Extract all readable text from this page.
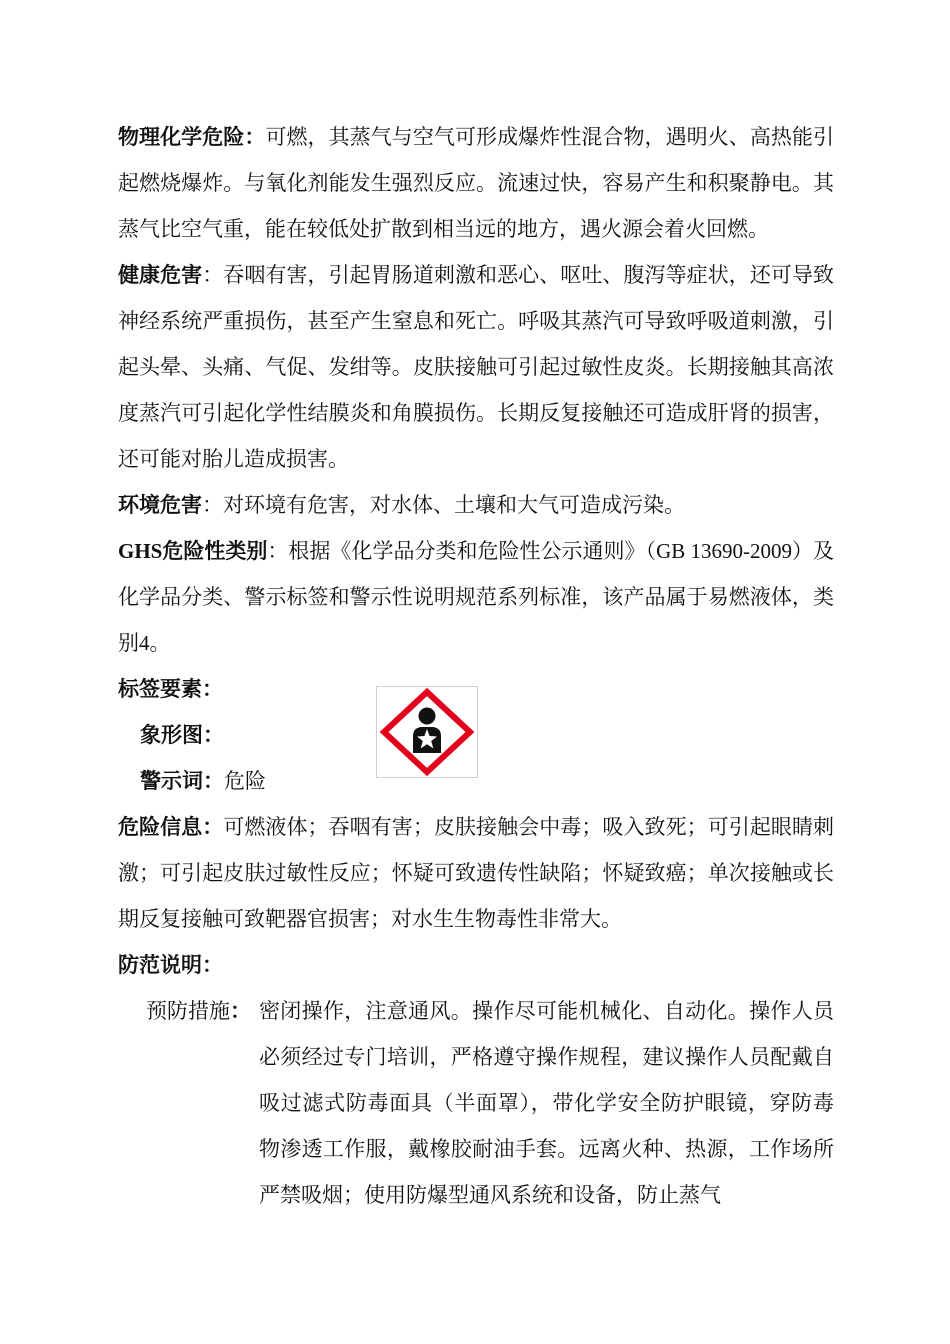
物理化学危险：可燃，其蒸气与空气可形成爆炸性混合物，遇明火、高热能引起燃烧爆炸。与氧化剂能发生强烈反应。流速过快，容易产生和积聚静电。其蒸气比空气重，能在较低处扩散到相当远的地方，遇火源会着火回燃。

健康危害：吞咽有害，引起胃肠道刺激和恶心、呕吐、腹泻等症状，还可导致神经系统严重损伤，甚至产生窒息和死亡。呼吸其蒸汽可导致呼吸道刺激，引起头晕、头痛、气促、发绀等。皮肤接触可引起过敏性皮炎。长期接触其高浓度蒸汽可引起化学性结膜炎和角膜损伤。长期反复接触还可造成肝肾的损害，还可能对胎儿造成损害。

环境危害：对环境有危害，对水体、土壤和大气可造成污染。

GHS危险性类别：根据《化学品分类和危险性公示通则》（GB 13690-2009）及化学品分类、警示标签和警示性说明规范系列标准，该产品属于易燃液体，类别4。

标签要素：

象形图：

警示词：危险

危险信息：可燃液体；吞咽有害；皮肤接触会中毒；吸入致死；可引起眼睛刺激；可引起皮肤过敏性反应；怀疑可致遗传性缺陷；怀疑致癌；单次接触或长期反复接触可致靶器官损害；对水生生物毒性非常大。

防范说明：

预防措施： 密闭操作，注意通风。操作尽可能机械化、自动化。操作人员必须经过专门培训，严格遵守操作规程，建议操作人员配戴自吸过滤式防毒面具（半面罩），带化学安全防护眼镜，穿防毒物渗透工作服，戴橡胶耐油手套。远离火种、热源，工作场所严禁吸烟；使用防爆型通风系统和设备，防止蒸气
